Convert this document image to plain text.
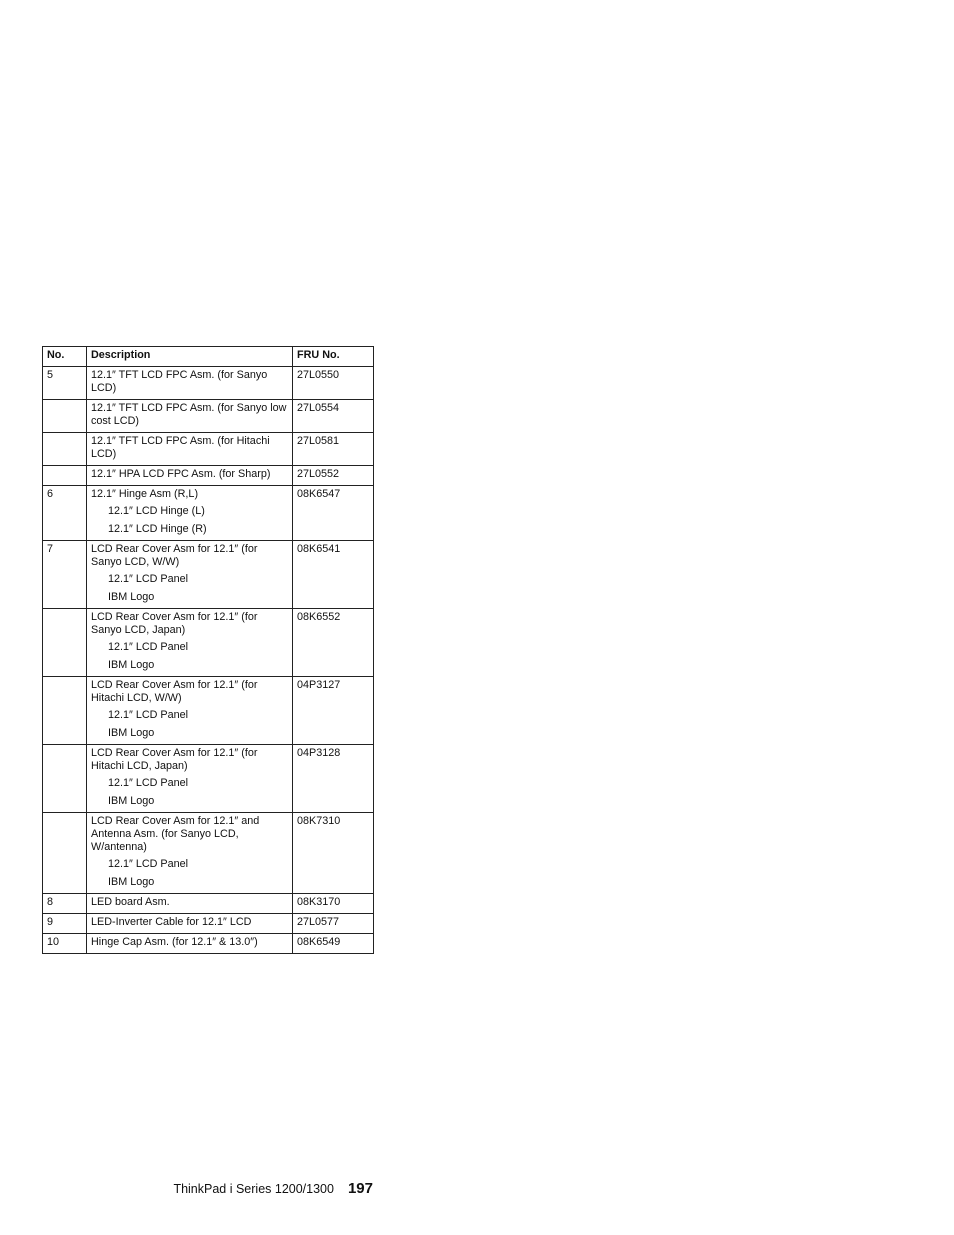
No.	Description	FRU No.
5	12.1″ TFT LCD FPC Asm. (for Sanyo LCD)	27L0550

	12.1″ TFT LCD FPC Asm. (for Sanyo low cost LCD)	27L0554

	12.1″ TFT LCD FPC Asm. (for Hitachi LCD)	27L0581

	12.1″ HPA LCD FPC Asm. (for Sharp)	27L0552
6	12.1″ Hinge Asm (R,L)
12.1″ LCD Hinge (L)
12.1″ LCD Hinge (R)	08K6547
7	LCD Rear Cover Asm for 12.1″ (for Sanyo LCD, W/W)
12.1″ LCD Panel
IBM Logo	08K6541

	LCD Rear Cover Asm for 12.1″ (for Sanyo LCD, Japan)
12.1″ LCD Panel
IBM Logo	08K6552

	LCD Rear Cover Asm for 12.1″ (for Hitachi LCD, W/W)
12.1″ LCD Panel
IBM Logo	04P3127

	LCD Rear Cover Asm for 12.1″ (for Hitachi LCD, Japan)
12.1″ LCD Panel
IBM Logo	04P3128

	LCD Rear Cover Asm for 12.1″ and Antenna Asm. (for Sanyo LCD, W/antenna)
12.1″ LCD Panel
IBM Logo	08K7310
8	LED board Asm.	08K3170
9	LED-Inverter Cable for 12.1″ LCD	27L0577
10	Hinge Cap Asm. (for 12.1″ & 13.0″)	08K6549
ThinkPad i Series 1200/1300 197
